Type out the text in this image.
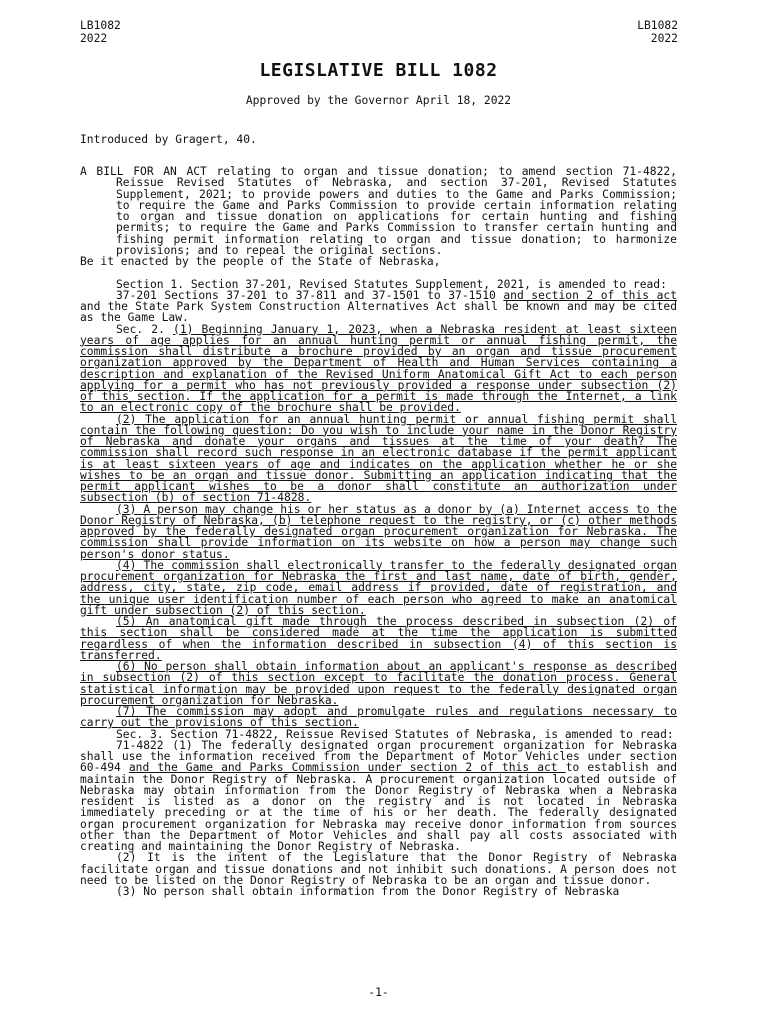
LB1082
2022
LB1082
2022
LEGISLATIVE BILL 1082
Approved by the Governor April 18, 2022
Introduced by Gragert, 40.

A BILL FOR AN ACT relating to organ and tissue donation; to amend section 71-4822, Reissue Revised Statutes of Nebraska, and section 37-201, Revised Statutes Supplement, 2021; to provide powers and duties to the Game and Parks Commission; to require the Game and Parks Commission to provide certain information relating to organ and tissue donation on applications for certain hunting and fishing permits; to require the Game and Parks Commission to transfer certain hunting and fishing permit information relating to organ and tissue donation; to harmonize provisions; and to repeal the original sections.

Be it enacted by the people of the State of Nebraska,

Section 1. Section 37-201, Revised Statutes Supplement, 2021, is amended to read:

37-201 Sections 37-201 to 37-811 and 37-1501 to 37-1510 and section 2 of this act and the State Park System Construction Alternatives Act shall be known and may be cited as the Game Law.

Sec. 2. (1) Beginning January 1, 2023, when a Nebraska resident at least sixteen years of age applies for an annual hunting permit or annual fishing permit, the commission shall distribute a brochure provided by an organ and tissue procurement organization approved by the Department of Health and Human Services containing a description and explanation of the Revised Uniform Anatomical Gift Act to each person applying for a permit who has not previously provided a response under subsection (2) of this section. If the application for a permit is made through the Internet, a link to an electronic copy of the brochure shall be provided.

(2) The application for an annual hunting permit or annual fishing permit shall contain the following question: Do you wish to include your name in the Donor Registry of Nebraska and donate your organs and tissues at the time of your death? The commission shall record such response in an electronic database if the permit applicant is at least sixteen years of age and indicates on the application whether he or she wishes to be an organ and tissue donor. Submitting an application indicating that the permit applicant wishes to be a donor shall constitute an authorization under subsection (b) of section 71-4828.

(3) A person may change his or her status as a donor by (a) Internet access to the Donor Registry of Nebraska, (b) telephone request to the registry, or (c) other methods approved by the federally designated organ procurement organization for Nebraska. The commission shall provide information on its website on how a person may change such person's donor status.

(4) The commission shall electronically transfer to the federally designated organ procurement organization for Nebraska the first and last name, date of birth, gender, address, city, state, zip code, email address if provided, date of registration, and the unique user identification number of each person who agreed to make an anatomical gift under subsection (2) of this section.

(5) An anatomical gift made through the process described in subsection (2) of this section shall be considered made at the time the application is submitted regardless of when the information described in subsection (4) of this section is transferred.

(6) No person shall obtain information about an applicant's response as described in subsection (2) of this section except to facilitate the donation process. General statistical information may be provided upon request to the federally designated organ procurement organization for Nebraska.

(7) The commission may adopt and promulgate rules and regulations necessary to carry out the provisions of this section.

Sec. 3. Section 71-4822, Reissue Revised Statutes of Nebraska, is amended to read:

71-4822 (1) The federally designated organ procurement organization for Nebraska shall use the information received from the Department of Motor Vehicles under section 60-494 and the Game and Parks Commission under section 2 of this act to establish and maintain the Donor Registry of Nebraska. A procurement organization located outside of Nebraska may obtain information from the Donor Registry of Nebraska when a Nebraska resident is listed as a donor on the registry and is not located in Nebraska immediately preceding or at the time of his or her death. The federally designated organ procurement organization for Nebraska may receive donor information from sources other than the Department of Motor Vehicles and shall pay all costs associated with creating and maintaining the Donor Registry of Nebraska.

(2) It is the intent of the Legislature that the Donor Registry of Nebraska facilitate organ and tissue donations and not inhibit such donations. A person does not need to be listed on the Donor Registry of Nebraska to be an organ and tissue donor.

(3) No person shall obtain information from the Donor Registry of Nebraska

-1-
